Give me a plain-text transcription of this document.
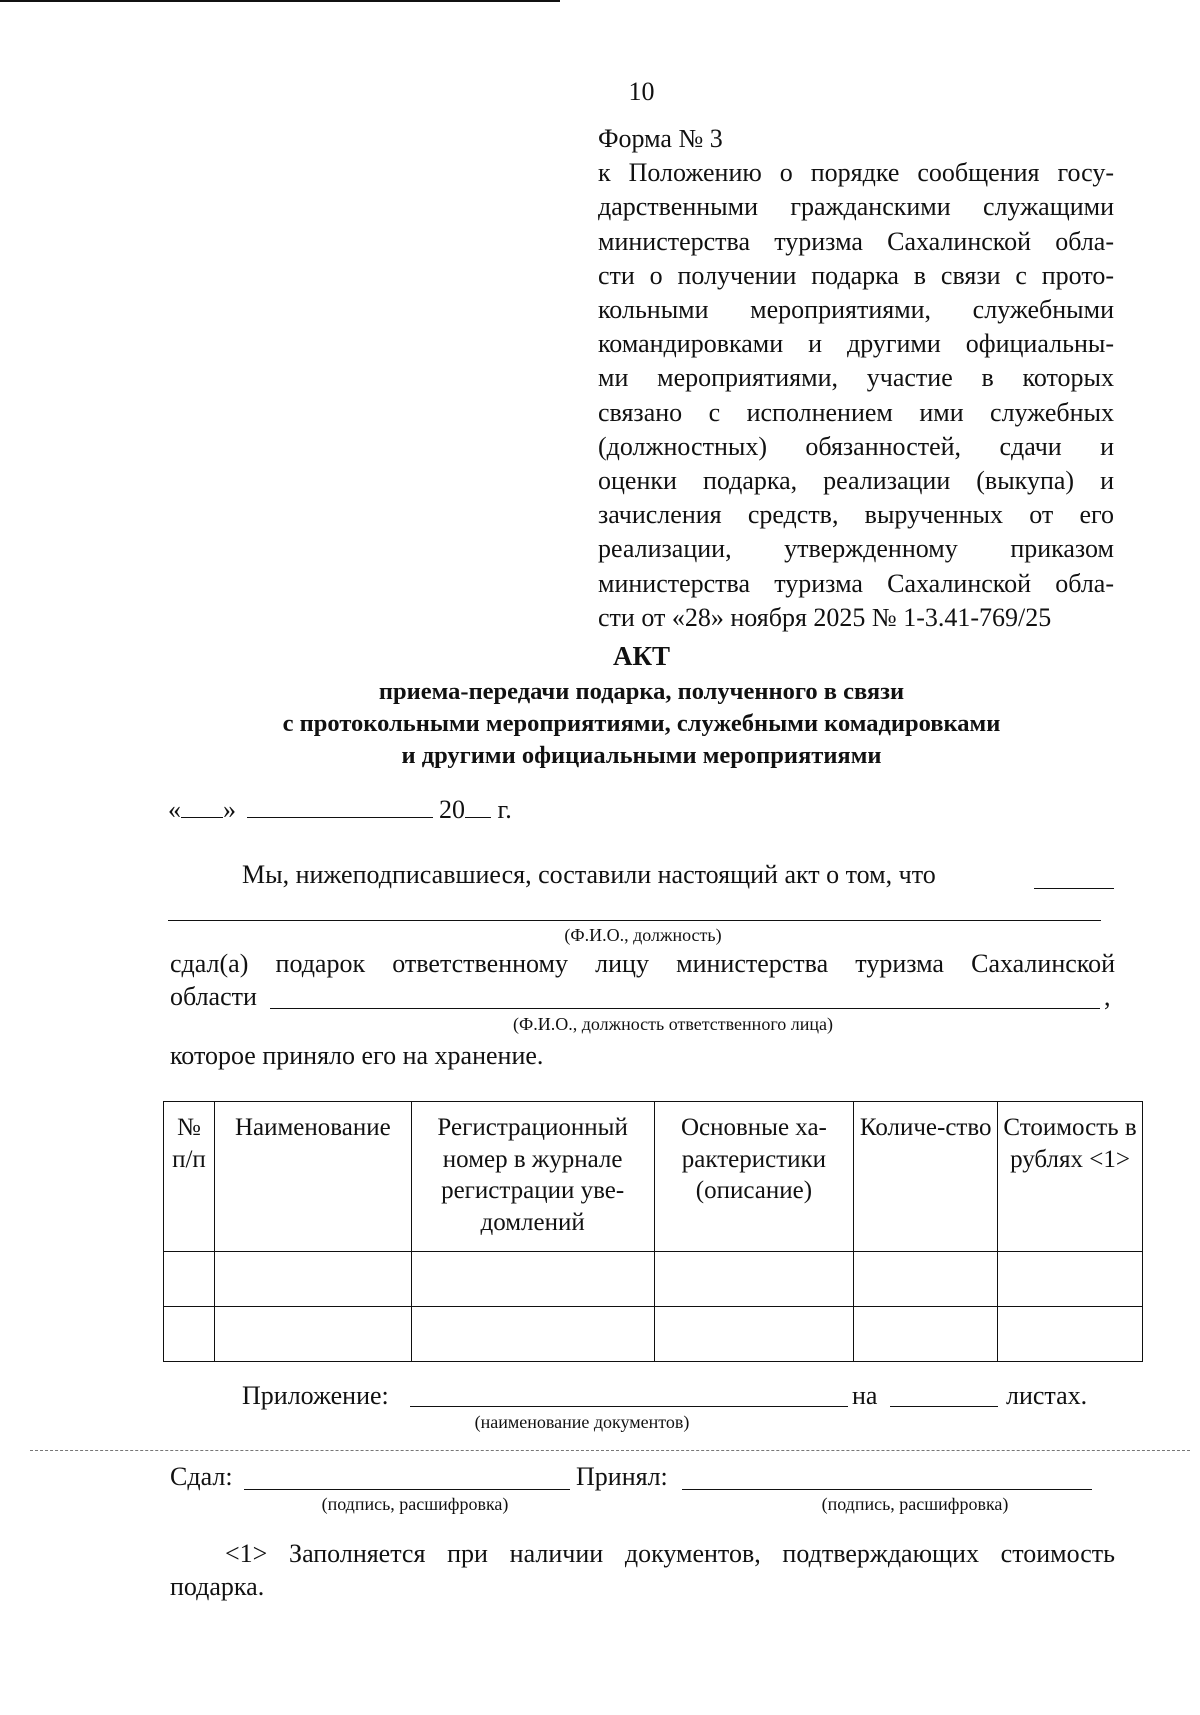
10
Форма № 3
к Положению о порядке сообщения госу-
дарственными гражданскими служащими
министерства туризма Сахалинской обла-
сти о получении подарка в связи с прото-
кольными мероприятиями, служебными
командировками и другими официальны-
ми мероприятиями, участие в которых
связано с исполнением ими служебных
(должностных) обязанностей, сдачи и
оценки подарка, реализации (выкупа) и
зачисления средств, вырученных от его
реализации, утвержденному приказом
министерства туризма Сахалинской обла-
сти от «28» ноября 2025 № 1-3.41-769/25
АКТ
приема-передачи подарка, полученного в связи
с протокольными мероприятиями, служебными комадировками
и другими официальными мероприятиями
« »	20 г.
Мы, нижеподписавшиеся, составили настоящий акт о том, что
(Ф.И.О., должность)
сдал(а) подарок ответственному лицу министерства туризма Сахалинской
области	,
(Ф.И.О., должность ответственного лица)
которое приняло его на хранение.
№ п/п	Наименование	Регистрационный номер в журнале регистрации уве-домлений	Основные ха-рактеристики (описание)	Количе-ство	Стоимость в рублях <1>

Приложение:	на	листах.
(наименование документов)
Сдал:
(подпись, расшифровка)
Принял:
(подпись, расшифровка)
<1> Заполняется при наличии документов, подтверждающих стоимость
подарка.
